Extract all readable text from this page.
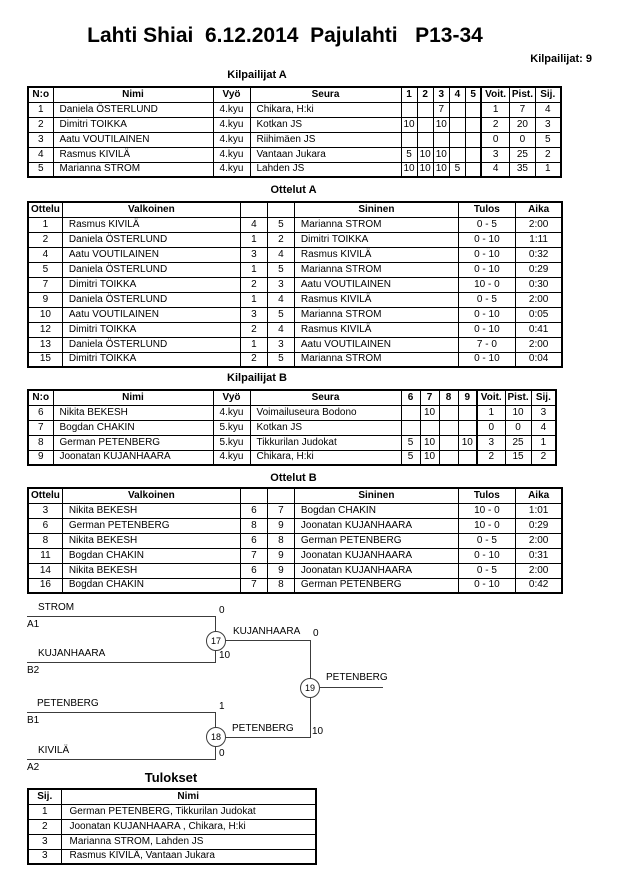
Lahti Shiai  6.12.2014  Pajulahti   P13-34
Kilpailijat: 9
Kilpailijat A
N:o	Nimi	Vyö	Seura	1	2	3	4	5	Voit.	Pist.	Sij.
1	Daniela ÖSTERLUND	4.kyu	Chikara, H:ki			7			1	7	4
2	Dimitri TOIKKA	4.kyu	Kotkan JS	10		10			2	20	3
3	Aatu VOUTILAINEN	4.kyu	Riihimäen JS						0	0	5
4	Rasmus KIVILÄ	4.kyu	Vantaan Jukara	5	10	10			3	25	2
5	Marianna STROM	4.kyu	Lahden JS	10	10	10	5		4	35	1
Ottelut A
Ottelu	Valkoinen			Sininen	Tulos	Aika
1	Rasmus KIVILÄ	4	5	Marianna STROM	0 - 5	2:00
2	Daniela ÖSTERLUND	1	2	Dimitri TOIKKA	0 - 10	1:11
4	Aatu VOUTILAINEN	3	4	Rasmus KIVILÄ	0 - 10	0:32
5	Daniela ÖSTERLUND	1	5	Marianna STROM	0 - 10	0:29
7	Dimitri TOIKKA	2	3	Aatu VOUTILAINEN	10 - 0	0:30
9	Daniela ÖSTERLUND	1	4	Rasmus KIVILÄ	0 - 5	2:00
10	Aatu VOUTILAINEN	3	5	Marianna STROM	0 - 10	0:05
12	Dimitri TOIKKA	2	4	Rasmus KIVILÄ	0 - 10	0:41
13	Daniela ÖSTERLUND	1	3	Aatu VOUTILAINEN	7 - 0	2:00
15	Dimitri TOIKKA	2	5	Marianna STROM	0 - 10	0:04
Kilpailijat B
N:o	Nimi	Vyö	Seura	6	7	8	9	Voit.	Pist.	Sij.
6	Nikita BEKESH	4.kyu	Voimailuseura Bodono		10			1	10	3
7	Bogdan CHAKIN	5.kyu	Kotkan JS					0	0	4
8	German PETENBERG	5.kyu	Tikkurilan Judokat	5	10		10	3	25	1
9	Joonatan KUJANHAARA	4.kyu	Chikara, H:ki	5	10			2	15	2
Ottelut B
Ottelu	Valkoinen			Sininen	Tulos	Aika
3	Nikita BEKESH	6	7	Bogdan CHAKIN	10 - 0	1:01
6	German PETENBERG	8	9	Joonatan KUJANHAARA	10 - 0	0:29
8	Nikita BEKESH	6	8	German PETENBERG	0 - 5	2:00
11	Bogdan CHAKIN	7	9	Joonatan KUJANHAARA	0 - 10	0:31
14	Nikita BEKESH	6	9	Joonatan KUJANHAARA	0 - 5	2:00
16	Bogdan CHAKIN	7	8	German PETENBERG	0 - 10	0:42
STROM
A1
0
KUJANHAARA
B2
10
17
KUJANHAARA 0
19
PETENBERG
PETENBERG
B1
1
KIVILÄ
A2
0
18
PETENBERG 10
Tulokset
Sij.	Nimi
1	German PETENBERG, Tikkurilan Judokat
2	Joonatan KUJANHAARA , Chikara, H:ki
3	Marianna STROM, Lahden JS
3	Rasmus KIVILÄ, Vantaan Jukara
